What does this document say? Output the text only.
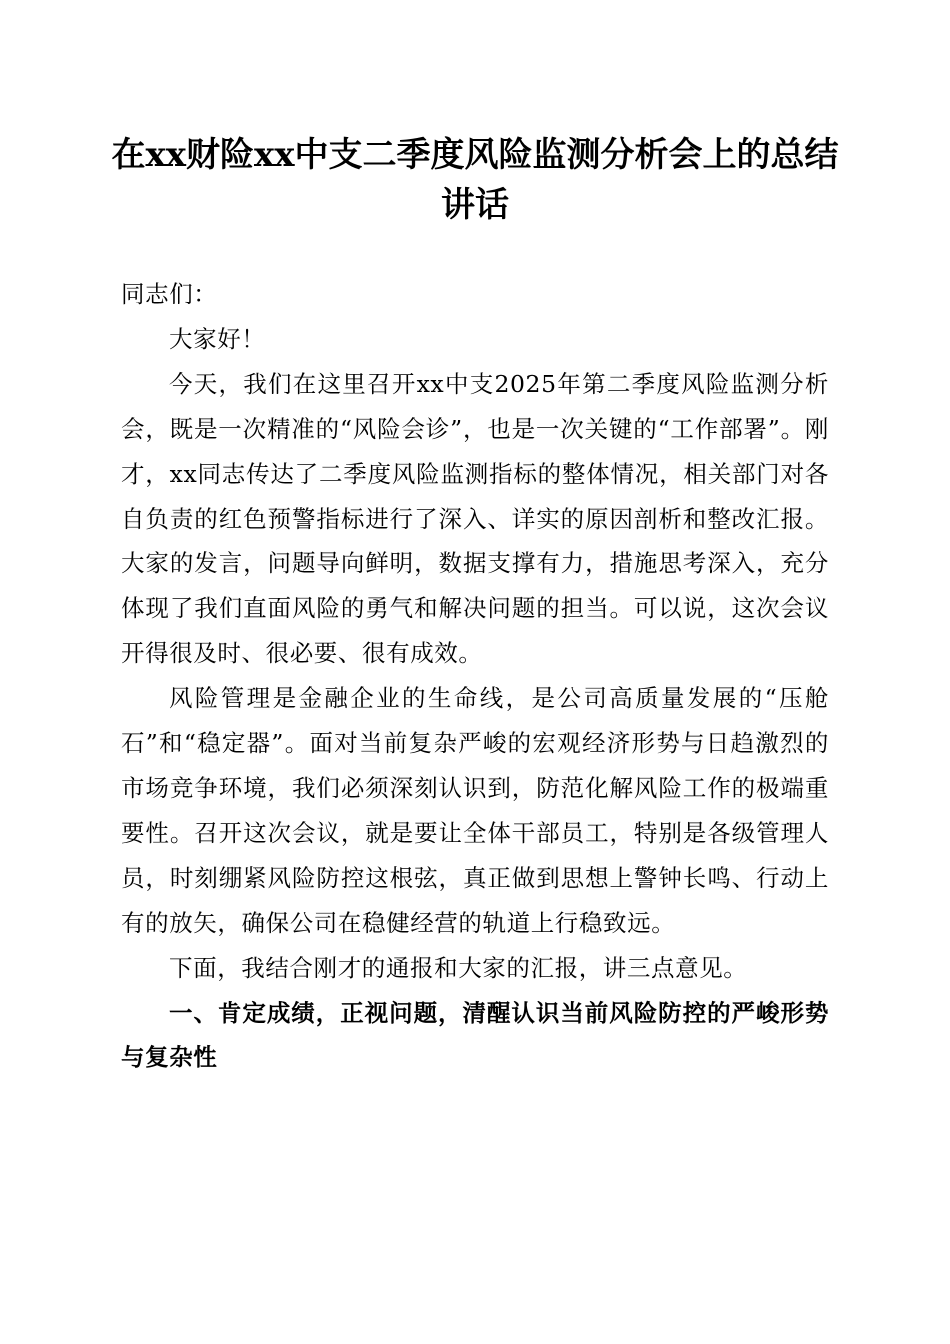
在xx财险xx中支二季度风险监测分析会上的总结讲话

同志们：

大家好！

今天，我们在这里召开xx中支2025年第二季度风险监测分析会，既是一次精准的“风险会诊”，也是一次关键的“工作部署”。刚才，xx同志传达了二季度风险监测指标的整体情况，相关部门对各自负责的红色预警指标进行了深入、详实的原因剖析和整改汇报。大家的发言，问题导向鲜明，数据支撑有力，措施思考深入，充分体现了我们直面风险的勇气和解决问题的担当。可以说，这次会议开得很及时、很必要、很有成效。

风险管理是金融企业的生命线，是公司高质量发展的“压舱石”和“稳定器”。面对当前复杂严峻的宏观经济形势与日趋激烈的市场竞争环境，我们必须深刻认识到，防范化解风险工作的极端重要性。召开这次会议，就是要让全体干部员工，特别是各级管理人员，时刻绷紧风险防控这根弦，真正做到思想上警钟长鸣、行动上有的放矢，确保公司在稳健经营的轨道上行稳致远。

下面，我结合刚才的通报和大家的汇报，讲三点意见。

一、肯定成绩，正视问题，清醒认识当前风险防控的严峻形势与复杂性
